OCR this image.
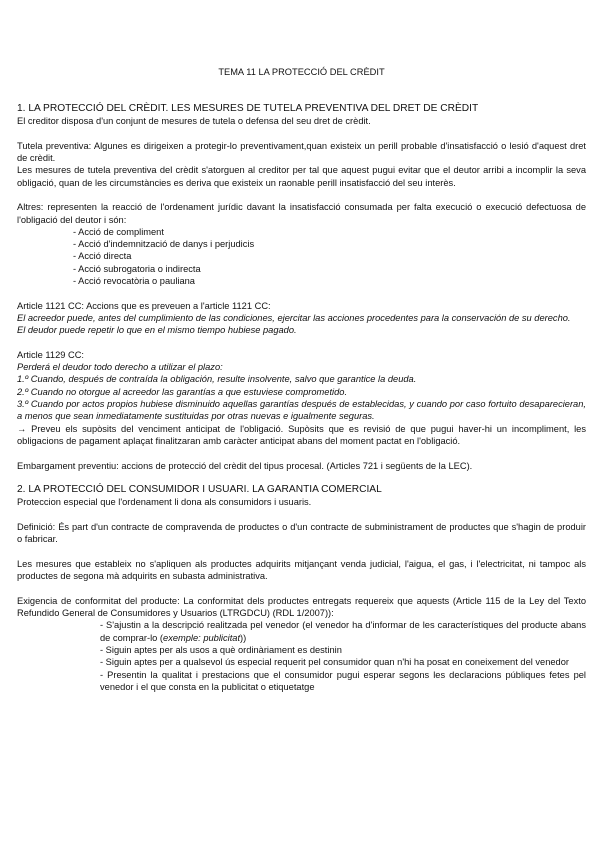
TEMA 11 LA PROTECCIÓ DEL CRÈDIT

1. LA PROTECCIÓ DEL CRÈDIT. LES MESURES DE TUTELA PREVENTIVA DEL DRET DE CRÈDIT

El creditor disposa d'un conjunt de mesures de tutela o defensa del seu dret de crèdit.

Tutela preventiva: Algunes es dirigeixen a protegir-lo preventivament,quan existeix un perill probable d'insatisfacció o lesió d'aquest dret de crèdit.

Les mesures de tutela preventiva del crèdit s'atorguen al creditor per tal que aquest pugui evitar que el deutor arribi a incomplir la seva obligació, quan de les circumstàncies es deriva que existeix un raonable perill insatisfacció del seu interès.

Altres: representen la reacció de l'ordenament jurídic davant la insatisfacció consumada per falta execució o execució defectuosa de l'obligació del deutor i són:

- Acció de compliment
- Acció d'indemnització de danys i perjudicis
- Acció directa
- Acció subrogatoria o indirecta
- Acció revocatòria o pauliana

Article 1121 CC: Accions que es preveuen a l'article 1121 CC:

El acreedor puede, antes del cumplimiento de las condiciones, ejercitar las acciones procedentes para la conservación de su derecho.

El deudor puede repetir lo que en el mismo tiempo hubiese pagado.

Article 1129 CC:

Perderá el deudor todo derecho a utilizar el plazo:

1.º Cuando, después de contraída la obligación, resulte insolvente, salvo que garantice la deuda.

2.º Cuando no otorgue al acreedor las garantías a que estuviese comprometido.

3.º Cuando por actos propios hubiese disminuido aquellas garantías después de establecidas, y cuando por caso fortuito desaparecieran, a menos que sean inmediatamente sustituidas por otras nuevas e igualmente seguras.

→ Preveu els supòsits del venciment anticipat de l'obligació. Supòsits que es revisió de que pugui haver-hi un incompliment, les obligacions de pagament aplaçat finalitzaran amb caràcter anticipat abans del moment pactat en l'obligació.

Embargament preventiu: accions de protecció del crèdit del tipus procesal. (Articles 721 i següents de la LEC).

2. LA PROTECCIÓ DEL CONSUMIDOR I USUARI. LA GARANTIA COMERCIAL

Proteccion especial que l'ordenament li dona als consumidors i usuaris.

Definició: És part d'un contracte de compravenda de productes o d'un contracte de subministrament de productes que s'hagin de produir o fabricar.

Les mesures que estableix no s'apliquen als productes adquirits mitjançant venda judicial, l'aigua, el gas, i l'electricitat, ni tampoc als productes de segona mà adquirits en subasta administrativa.

Exigencia de conformitat del producte: La conformitat dels productes entregats requereix que aquests (Article 115 de la Ley del Texto Refundido General de Consumidores y Usuarios (LTRGDCU) (RDL 1/2007)):

- S'ajustin a la descripció realitzada pel venedor (el venedor ha d'informar de les característiques del producte abans de comprar-lo (exemple: publicitat))
- Siguin aptes per als usos a què ordinàriament es destinin
- Siguin aptes per a qualsevol ús especial requerit pel consumidor quan n'hi ha posat en coneixement del venedor
- Presentin la qualitat i prestacions que el consumidor pugui esperar segons les declaracions públiques fetes pel venedor i el que consta en la publicitat o etiquetatge
